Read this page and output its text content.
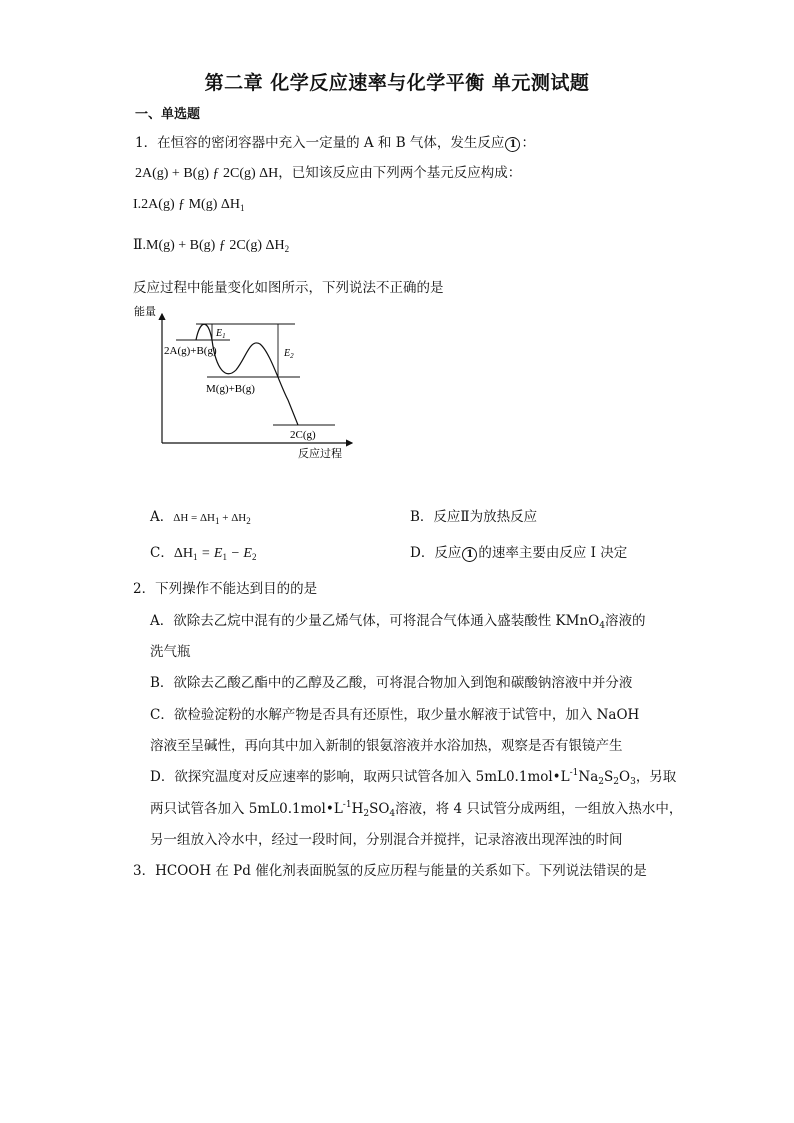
第二章 化学反应速率与化学平衡 单元测试题
一、单选题
1．在恒容的密闭容器中充入一定量的 A 和 B 气体，发生反应 1 ：
2A(g) + B(g) ƒ 2C(g) ΔH，已知该反应由下列两个基元反应构成：
I.2A(g) ƒ M(g) $\Delta H_1$
Ⅱ.M(g) + B(g) ƒ 2C(g) $\Delta H_2$
反应过程中能量变化如图所示，下列说法不正确的是
能量
反应过程
$E_1$
$E_2$
2A(g)+B(g)
M(g)+B(g)
2C(g)
A．$\Delta H = \Delta H_1 + \Delta H_2$	B．反应Ⅱ为放热反应
C．$\Delta H_1 = E_1 - E_2$	D．反应 1 的速率主要由反应 I 决定
2．下列操作不能达到目的的是
A．欲除去乙烷中混有的少量乙烯气体，可将混合气体通入盛装酸性 KMnO$_4$溶液的
洗气瓶
B．欲除去乙酸乙酯中的乙醇及乙酸，可将混合物加入到饱和碳酸钠溶液中并分液
C．欲检验淀粉的水解产物是否具有还原性，取少量水解液于试管中，加入 NaOH
溶液至呈碱性，再向其中加入新制的银氨溶液并水浴加热，观察是否有银镜产生
D．欲探究温度对反应速率的影响，取两只试管各加入 $5mL0.1mol•L^{-1}Na_2S_2O_3$，另取
两只试管各加入 $5mL0.1mol•L^{-1}H_2SO_4$溶液，将 4 只试管分成两组，一组放入热水中，
另一组放入冷水中，经过一段时间，分别混合并搅拌，记录溶液出现浑浊的时间
3．HCOOH 在 Pd 催化剂表面脱氢的反应历程与能量的关系如下。下列说法错误的是
